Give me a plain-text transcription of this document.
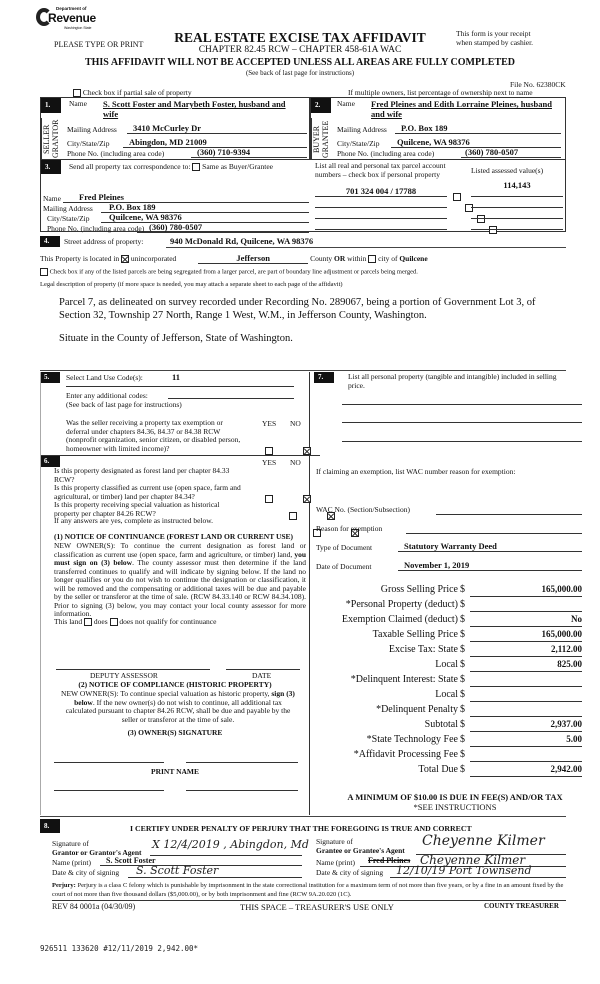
Department of
Revenue
Washington State
PLEASE TYPE OR PRINT	REAL ESTATE EXCISE TAX AFFIDAVIT
CHAPTER 82.45 RCW – CHAPTER 458-61A WAC
This form is your receipt
when stamped by cashier.
THIS AFFIDAVIT WILL NOT BE ACCEPTED UNLESS ALL AREAS ARE FULLY COMPLETED
(See back of last page for instructions)
File No. 62380CK
Check box if partial sale of property	If multiple owners, list percentage of ownership next to name
1.
SELLER
GRANTOR
Name S. Scott Foster and Marybeth Foster, husband and
wife
Mailing Address	3410 McCurley Dr
City/State/Zip	Abingdon, MD 21009
Phone No. (including area code)	(360) 710-9394
2.
BUYER
GRANTEE
Name Fred Pleines and Edith Lorraine Pleines, husband
and wife
Mailing Address	P.O. Box 189
City/State/Zip	Quilcene, WA 98376
Phone No. (including area code)	(360) 780-0507
3.	Send all property tax correspondence to: Same as Buyer/Grantee
Name	Fred Pleines
Mailing Address	P.O. Box 189
City/State/Zip	Quilcene, WA 98376
Phone No. (including area code) (360) 780-0507
List all real and personal tax parcel account
numbers – check box if personal property	Listed assessed value(s)
701 324 004 / 17788

114,143

4.	Street address of property:	940 McDonald Rd, Quilcene, WA 98376
This Property is located in unincorporated	Jefferson	County OR within city of Quilcene
Check box if any of the listed parcels are being segregated from a larger parcel, are part of boundary line adjustment or parcels being merged.
Legal description of property (if more space is needed, you may attach a separate sheet to each page of the affidavit)
Parcel 7, as delineated on survey recorded under Recording No. 289067, being a portion of Government Lot 3, of
Section 32, Township 27 North, Range 1 West, W.M., in Jefferson County, Washington.
Situate in the County of Jefferson, State of Washington.
5.	Select Land Use Code(s):	11
Enter any additional codes:
(See back of last page for instructions)
Was the seller receiving a property tax exemption or
deferral under chapters 84.36, 84.37 or 84.38 RCW
(nonprofit organization, senior citizen, or disabled person,
homeowner with limited income)?
YES NO

6.	YES NO
Is this property designated as forest land per chapter 84.33
RCW?

Is this property classified as current use (open space, farm and
agricultural, or timber) land per chapter 84.34?

Is this property receiving special valuation as historical
property per chapter 84.26 RCW?

If any answers are yes, complete as instructed below.
(1) NOTICE OF CONTINUANCE (FOREST LAND OR CURRENT USE)
NEW OWNER(S): To continue the current designation as forest land or classification as current use (open space, farm and agriculture, or timber) land, you must sign on (3) below. The county assessor must then determine if the land transferred continues to qualify and will indicate by signing below. If the land no longer qualifies or you do not wish to continue the designation or classification, it will be removed and the compensating or additional taxes will be due and payable by the seller or transferor at the time of sale. (RCW 84.33.140 or RCW 84.34.108). Prior to signing (3) below, you may contact your local county assessor for more information.
This land does does not qualify for continuance
DEPUTY ASSESSOR	DATE
(2) NOTICE OF COMPLIANCE (HISTORIC PROPERTY)
NEW OWNER(S): To continue special valuation as historic property, sign (3) below. If the new owner(s) do not wish to continue, all additional tax calculated pursuant to chapter 84.26 RCW, shall be due and payable by the seller or transferor at the time of sale.
(3) OWNER(S) SIGNATURE
PRINT NAME
7.	List all personal property (tangible and intangible) included in selling price.
If claiming an exemption, list WAC number reason for exemption:
WAC No. (Section/Subsection)
Reason for exemption
Type of Document	Statutory Warranty Deed
Date of Document	November 1, 2019
Gross Selling Price $	165,000.00
*Personal Property (deduct) $
Exemption Claimed (deduct) $	No
Taxable Selling Price $	165,000.00
Excise Tax: State $	2,112.00
Local $	825.00
*Delinquent Interest: State $
Local $
*Delinquent Penalty $
Subtotal $	2,937.00
*State Technology Fee $	5.00
*Affidavit Processing Fee $
Total Due $	2,942.00
A MINIMUM OF $10.00 IS DUE IN FEE(S) AND/OR TAX
*SEE INSTRUCTIONS
8.	I CERTIFY UNDER PENALTY OF PERJURY THAT THE FOREGOING IS TRUE AND CORRECT
Signature of
Grantor or Grantor's Agent
X 12/4/2019 , Abingdon, Md
Name (print)	S. Scott Foster
Date & city of signing S. Scott Foster
Signature of
Grantee or Grantee's Agent
Cheyenne Kilmer
Name (print) Fred Pleines Cheyenne Kilmer
Date & city of signing 12/10/19 Port Townsend
Perjury: Perjury is a class C felony which is punishable by imprisonment in the state correctional institution for a maximum term of not more than five years, or by a fine in an amount fixed by the court of not more than five thousand dollars ($5,000.00), or by both imprisonment and fine (RCW 9A.20.020 (1C).
REV 84 0001a (04/30/09)	THIS SPACE – TREASURER'S USE ONLY	COUNTY TREASURER
926511 133620 #12/11/2019 2,942.00*
